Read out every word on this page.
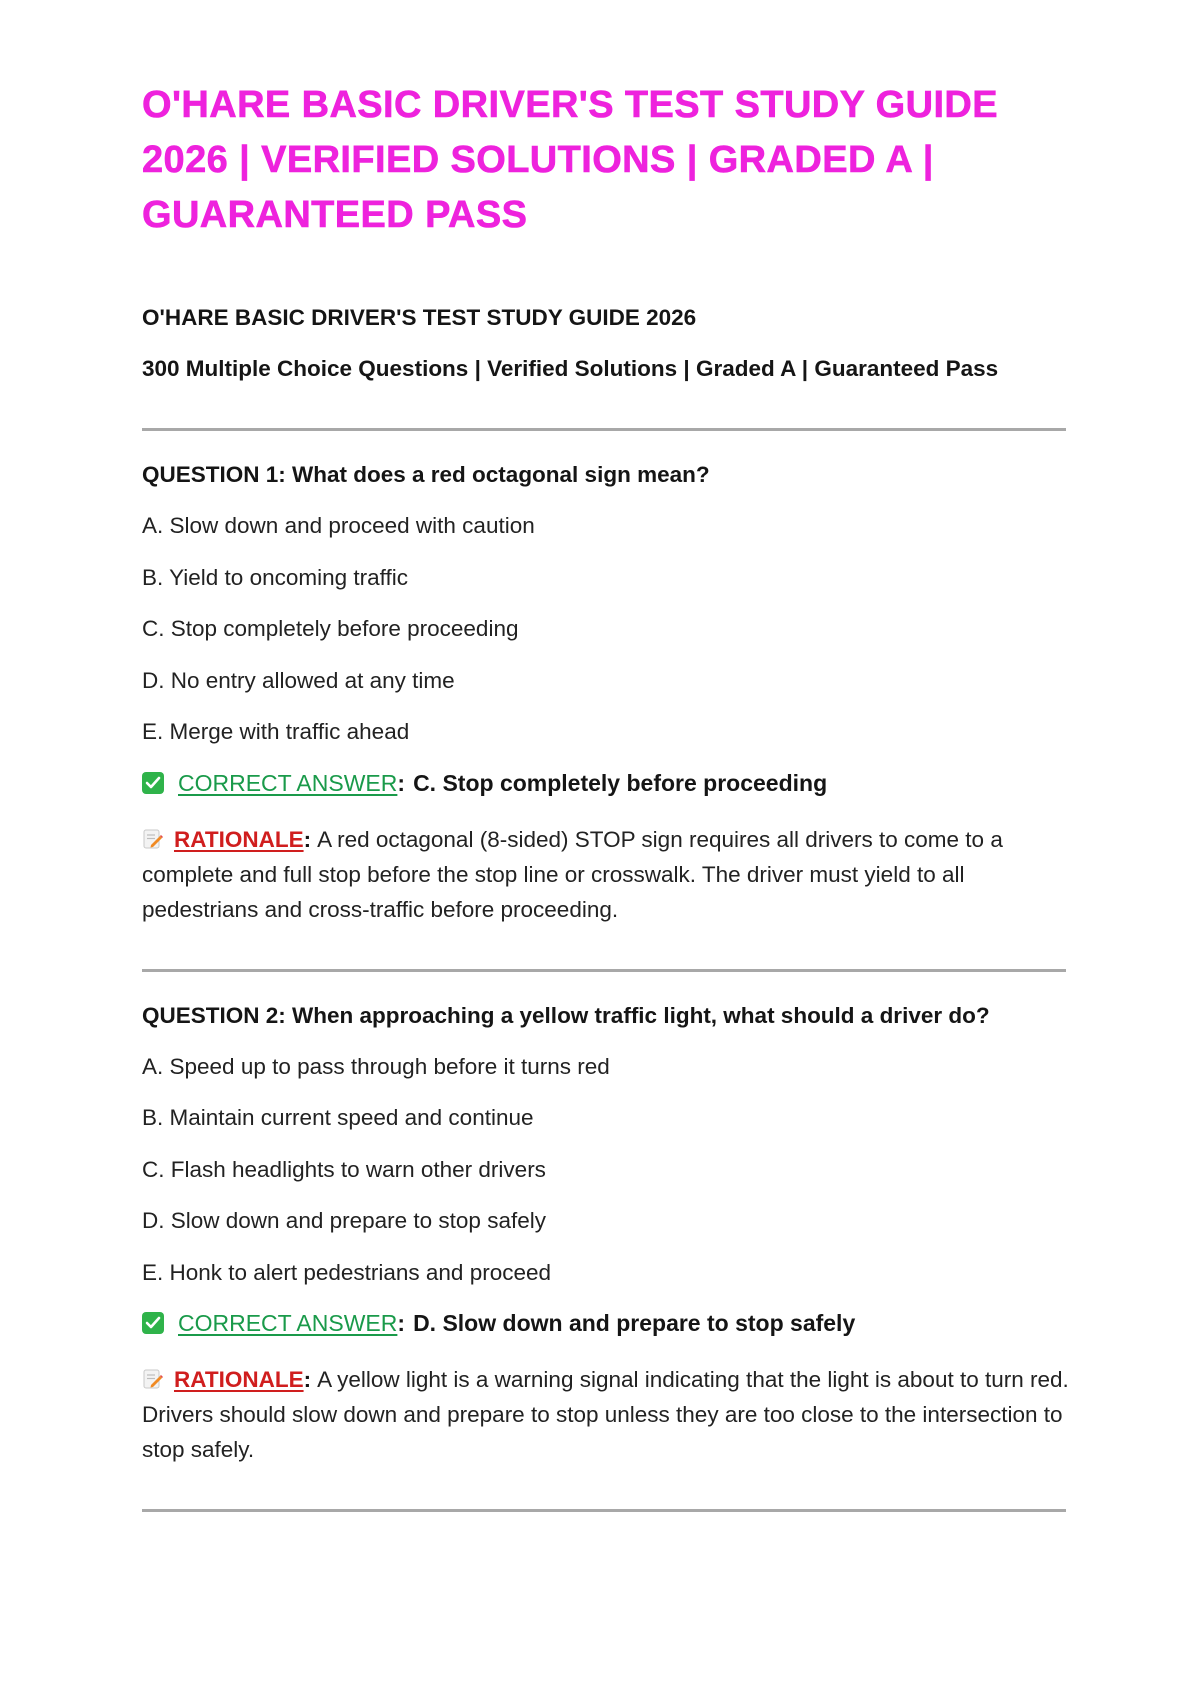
O'HARE BASIC DRIVER'S TEST STUDY GUIDE
2026 | VERIFIED SOLUTIONS | GRADED A |
GUARANTEED PASS

O'HARE BASIC DRIVER'S TEST STUDY GUIDE 2026

300 Multiple Choice Questions | Verified Solutions | Graded A | Guaranteed Pass

QUESTION 1: What does a red octagonal sign mean?

A. Slow down and proceed with caution
B. Yield to oncoming traffic
C. Stop completely before proceeding
D. No entry allowed at any time
E. Merge with traffic ahead
CORRECT ANSWER : C. Stop completely before proceeding
RATIONALE: A red octagonal (8-sided) STOP sign requires all drivers to come to a complete and full stop before the stop line or crosswalk. The driver must yield to all pedestrians and cross-traffic before proceeding.

QUESTION 2: When approaching a yellow traffic light, what should a driver do?

A. Speed up to pass through before it turns red
B. Maintain current speed and continue
C. Flash headlights to warn other drivers
D. Slow down and prepare to stop safely
E. Honk to alert pedestrians and proceed
CORRECT ANSWER : D. Slow down and prepare to stop safely
RATIONALE: A yellow light is a warning signal indicating that the light is about to turn red. Drivers should slow down and prepare to stop unless they are too close to the intersection to stop safely.
